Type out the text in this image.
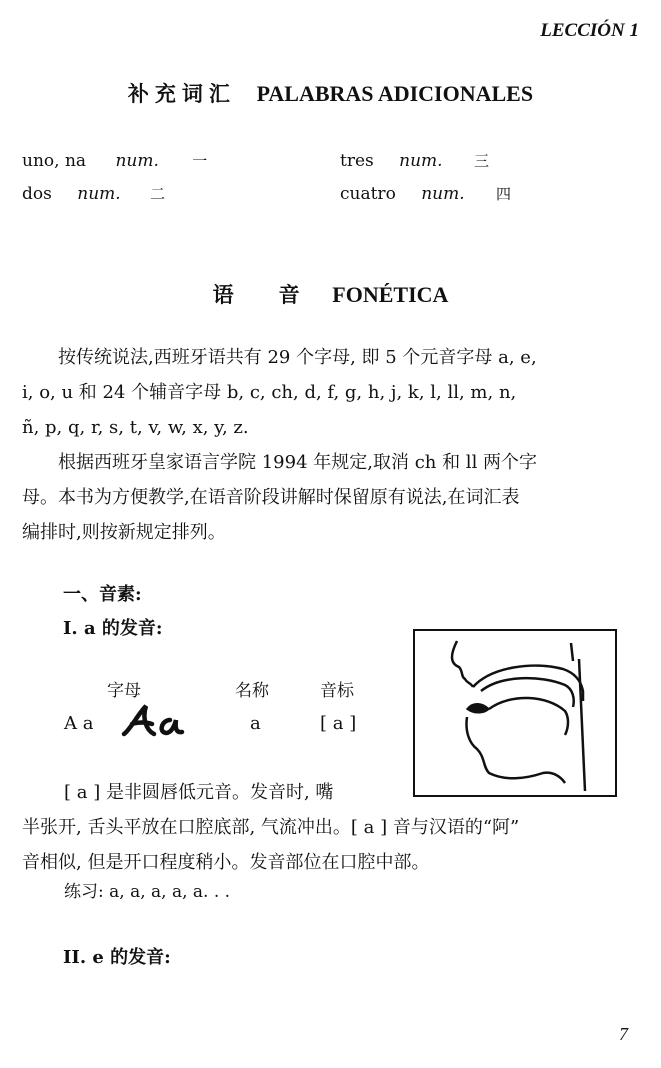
LECCIÓN 1
补充词汇 PALABRAS ADICIONALES
uno, na num. 一	tres num. 三
dos num. 二	cuatro num. 四
语　音 FONÉTICA
　　按传统说法,西班牙语共有 29 个字母, 即 5 个元音字母 a, e,
i, o, u 和 24 个辅音字母 b, c, ch, d, f, g, h, j, k, l, ll, m, n,
ñ, p, q, r, s, t, v, w, x, y, z.
　　根据西班牙皇家语言学院 1994 年规定,取消 ch 和 ll 两个字
母。本书为方便教学,在语音阶段讲解时保留原有说法,在词汇表
编排时,则按新规定排列。
一、音素:
I. a 的发音:
字母	名称	音标
A a	a	[ a ]
[ a ] 是非圆唇低元音。发音时, 嘴
半张开, 舌头平放在口腔底部, 气流冲出。[ a ] 音与汉语的“阿”
音相似, 但是开口程度稍小。发音部位在口腔中部。
练习: a, a, a, a, a. . .
II. e 的发音:
7
